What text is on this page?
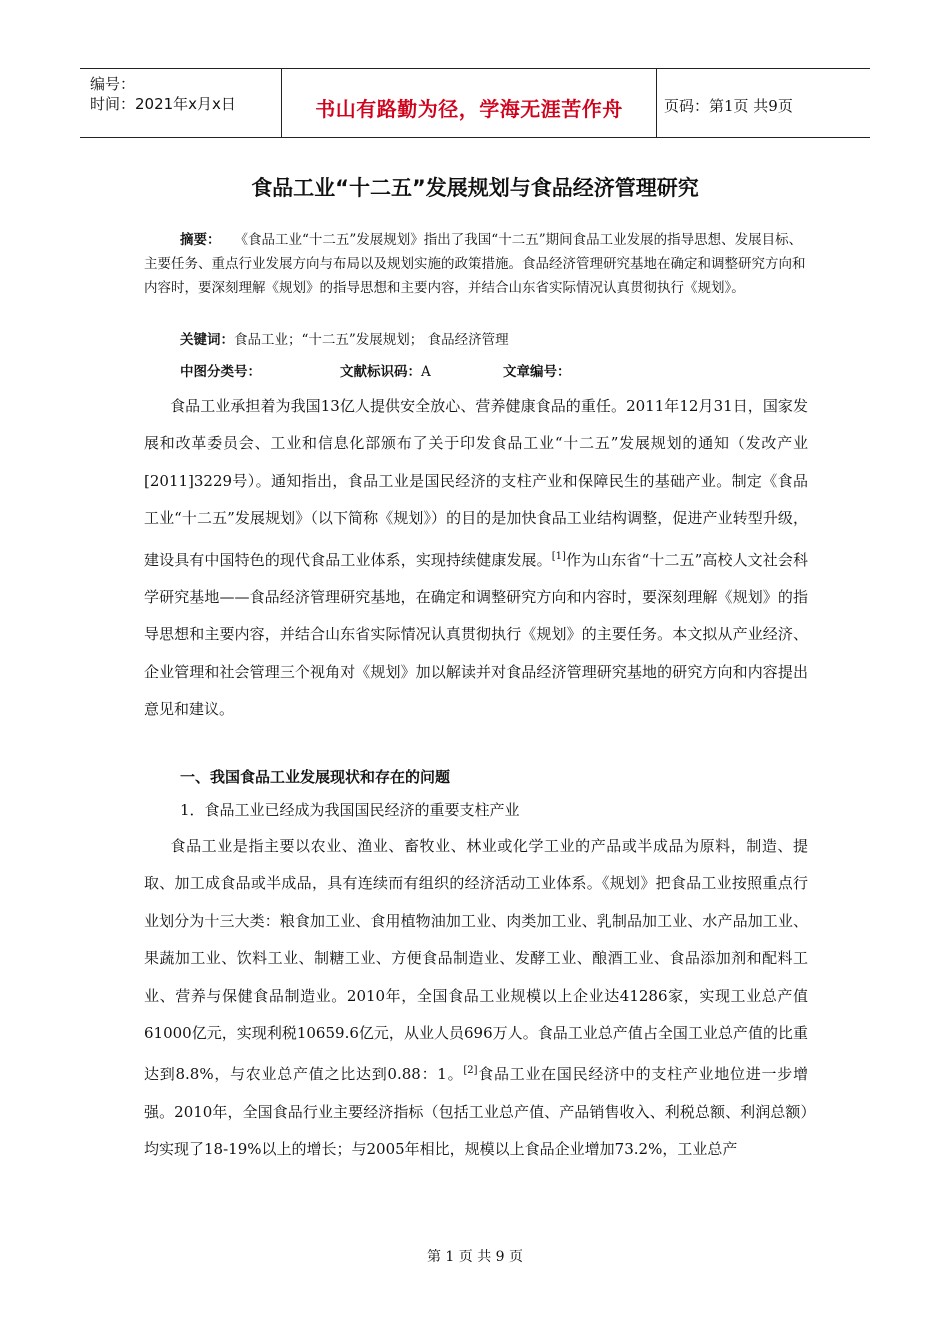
编号：
时间：2021年x月x日	书山有路勤为径，学海无涯苦作舟	页码：第1页 共9页
食品工业“十二五”发展规划与食品经济管理研究
摘要： 《食品工业“十二五”发展规划》指出了我国“十二五”期间食品工业发展的指导思想、发展目标、主要任务、重点行业发展方向与布局以及规划实施的政策措施。食品经济管理研究基地在确定和调整研究方向和内容时，要深刻理解《规划》的指导思想和主要内容，并结合山东省实际情况认真贯彻执行《规划》。
关键词：食品工业；“十二五”发展规划； 食品经济管理
中图分类号：	文献标识码：A	文章编号：
食品工业承担着为我国13亿人提供安全放心、营养健康食品的重任。2011年12月31日，国家发展和改革委员会、工业和信息化部颁布了关于印发食品工业“十二五”发展规划的通知（发改产业[2011]3229号）。通知指出，食品工业是国民经济的支柱产业和保障民生的基础产业。制定《食品工业“十二五”发展规划》（以下简称《规划》）的目的是加快食品工业结构调整，促进产业转型升级，建设具有中国特色的现代食品工业体系，实现持续健康发展。[1]作为山东省“十二五”高校人文社会科学研究基地——食品经济管理研究基地，在确定和调整研究方向和内容时，要深刻理解《规划》的指导思想和主要内容，并结合山东省实际情况认真贯彻执行《规划》的主要任务。本文拟从产业经济、企业管理和社会管理三个视角对《规划》加以解读并对食品经济管理研究基地的研究方向和内容提出意见和建议。
一、我国食品工业发展现状和存在的问题
1．食品工业已经成为我国国民经济的重要支柱产业
食品工业是指主要以农业、渔业、畜牧业、林业或化学工业的产品或半成品为原料，制造、提取、加工成食品或半成品，具有连续而有组织的经济活动工业体系。《规划》把食品工业按照重点行业划分为十三大类：粮食加工业、食用植物油加工业、肉类加工业、乳制品加工业、水产品加工业、果蔬加工业、饮料工业、制糖工业、方便食品制造业、发酵工业、酿酒工业、食品添加剂和配料工业、营养与保健食品制造业。2010年，全国食品工业规模以上企业达41286家，实现工业总产值61000亿元，实现利税10659.6亿元，从业人员696万人。食品工业总产值占全国工业总产值的比重达到8.8%，与农业总产值之比达到0.88：1。[2]食品工业在国民经济中的支柱产业地位进一步增强。2010年，全国食品行业主要经济指标（包括工业总产值、产品销售收入、利税总额、利润总额）均实现了18-19%以上的增长；与2005年相比，规模以上食品企业增加73.2%，工业总产
第 1 页 共 9 页
